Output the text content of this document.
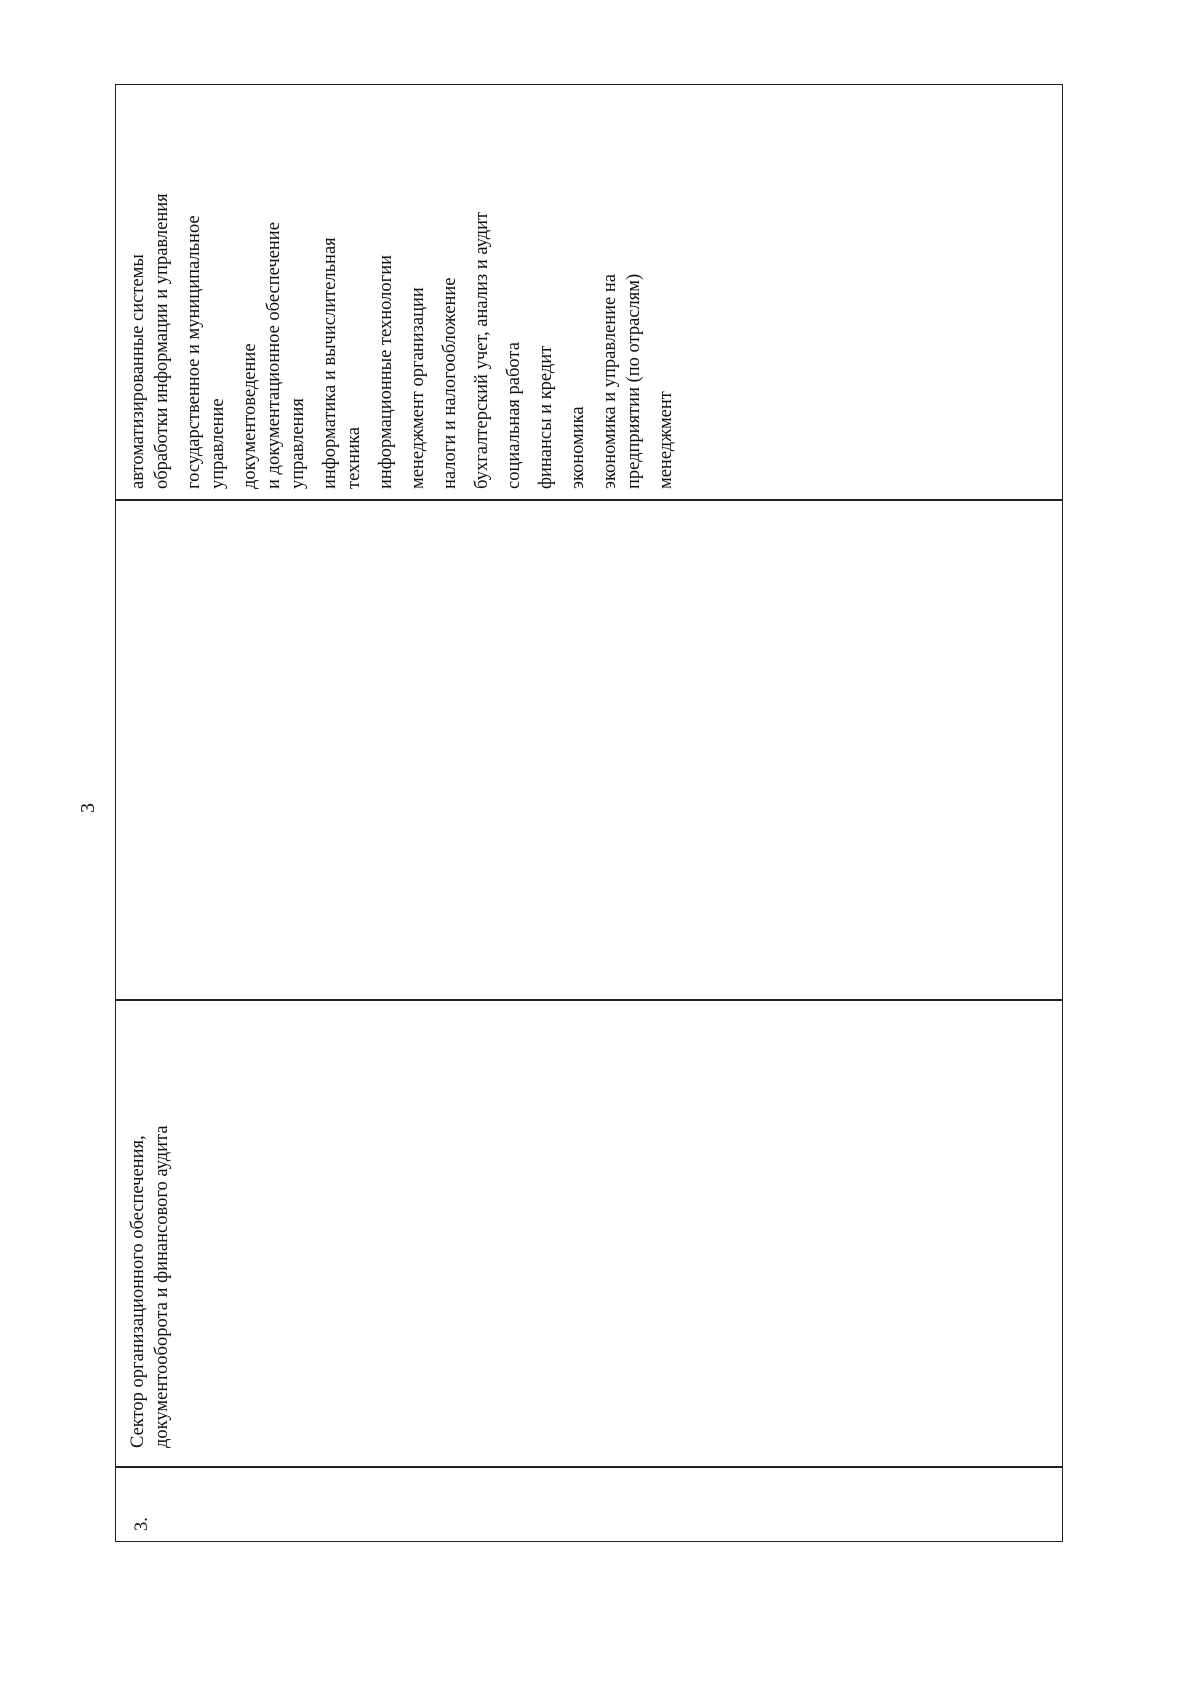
3
3.
Сектор организационного обеспечения, документооборота и финансового аудита
автоматизированные системы обработки информации и управления государственное и муниципальное управление документоведение и документационное обеспечение управления информатика и вычислительная техника информационные технологии менеджмент организации налоги и налогообложение бухгалтерский учет, анализ и аудит социальная работа финансы и кредит экономика экономика и управление на предприятии (по отраслям) менеджмент
